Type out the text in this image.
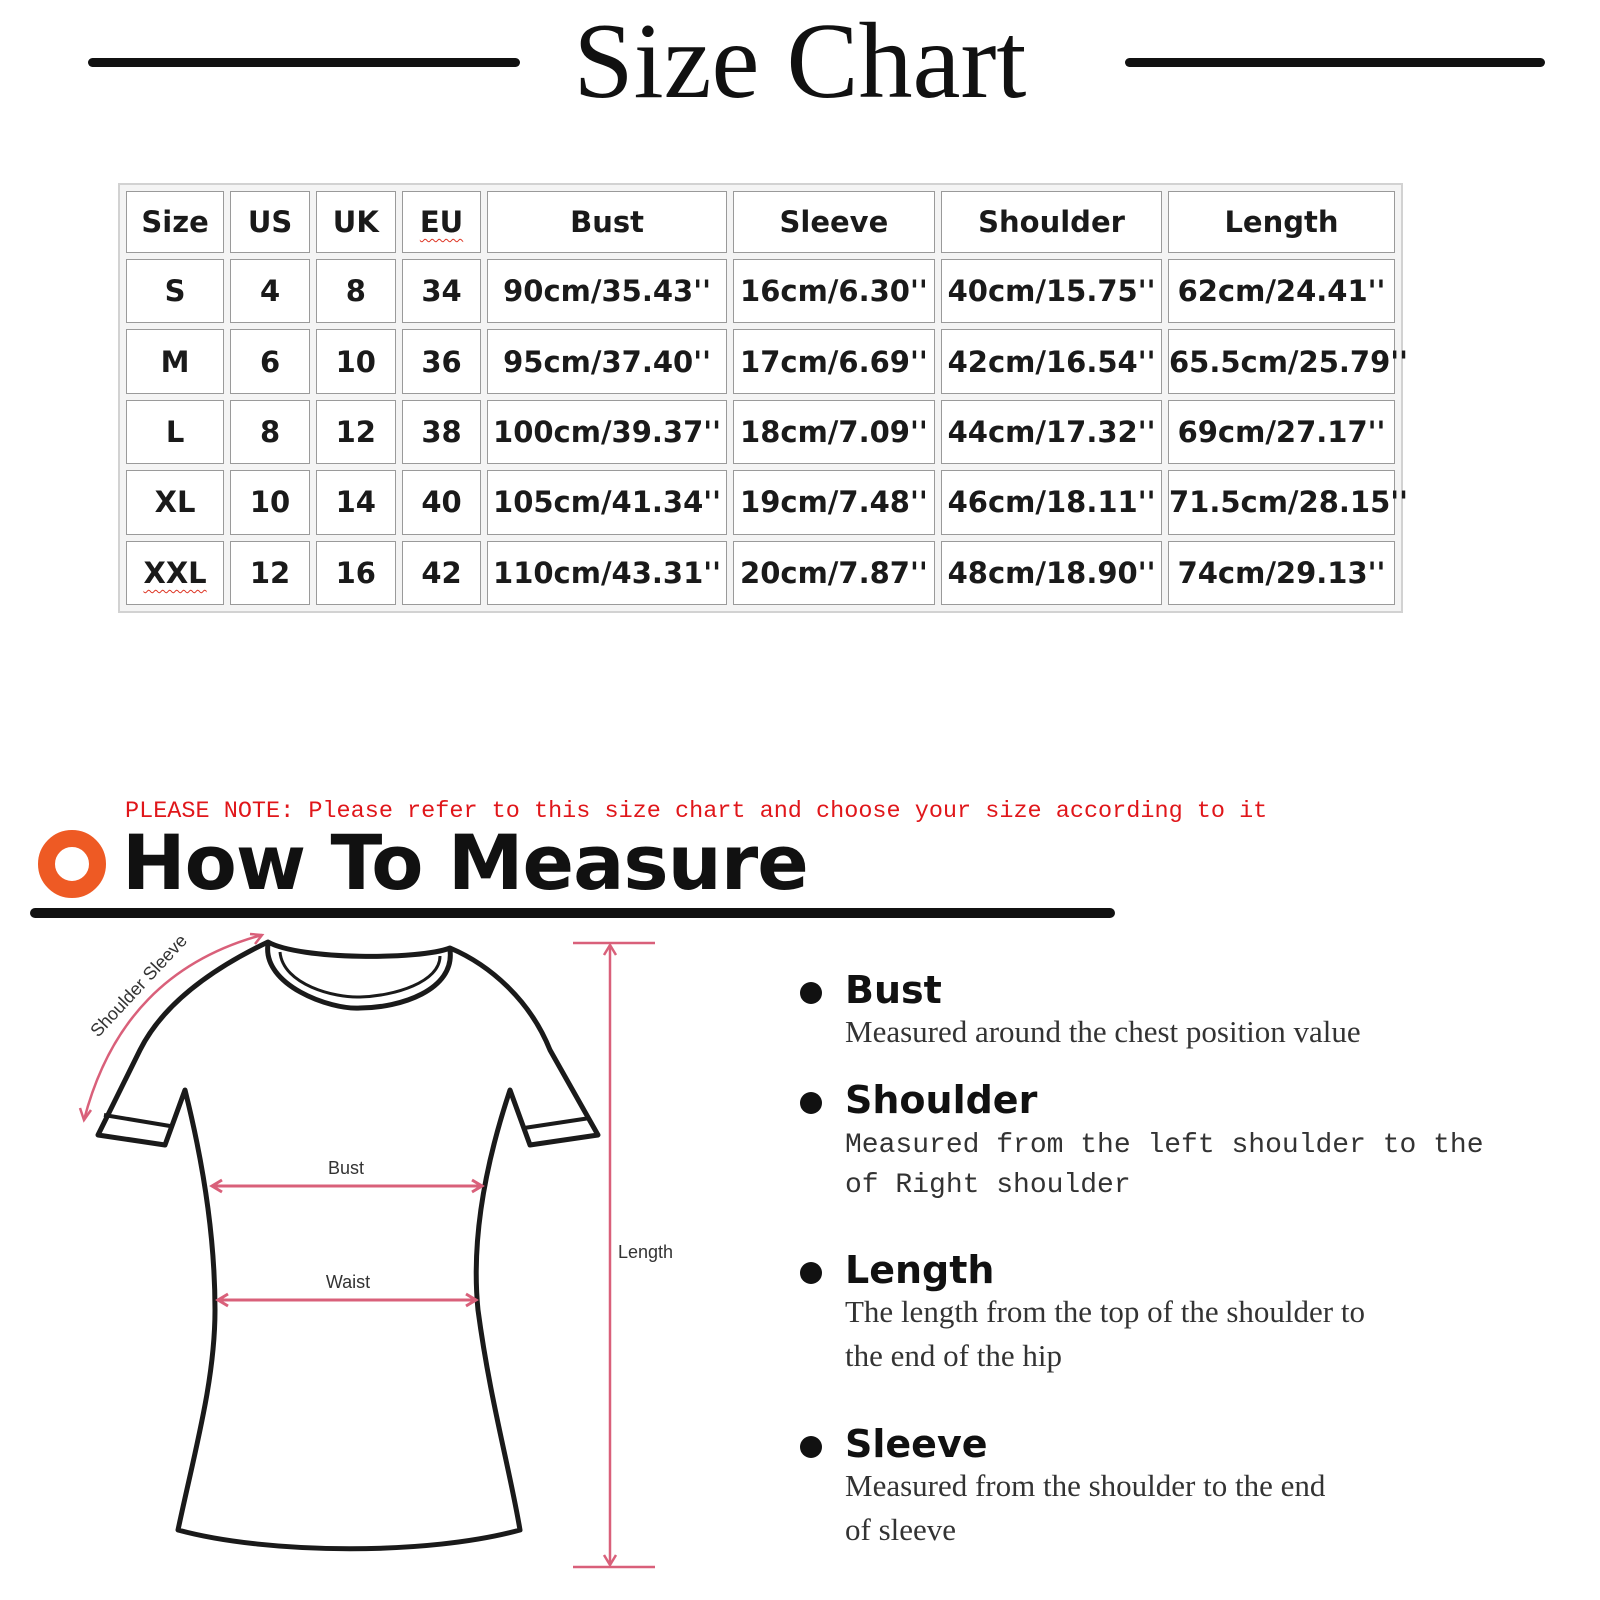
Size Chart
Size	US	UK	EU	Bust	Sleeve	Shoulder	Length
S	4	8	34	90cm/35.43''	16cm/6.30''	40cm/15.75''	62cm/24.41''
M	6	10	36	95cm/37.40''	17cm/6.69''	42cm/16.54''	65.5cm/25.79''
L	8	12	38	100cm/39.37''	18cm/7.09''	44cm/17.32''	69cm/27.17''
XL	10	14	40	105cm/41.34''	19cm/7.48''	46cm/18.11''	71.5cm/28.15''
XXL	12	16	42	110cm/43.31''	20cm/7.87''	48cm/18.90''	74cm/29.13''
PLEASE NOTE: Please refer to this size chart and choose your size according to it
How To Measure
Shoulder Sleeve
Bust
Waist
Length
Bust
Measured around the chest position value
Shoulder
Measured from the left shoulder to the
of Right shoulder
Length
The length from the top of the shoulder to
the end of the hip
Sleeve
Measured from the shoulder to the end
of sleeve
